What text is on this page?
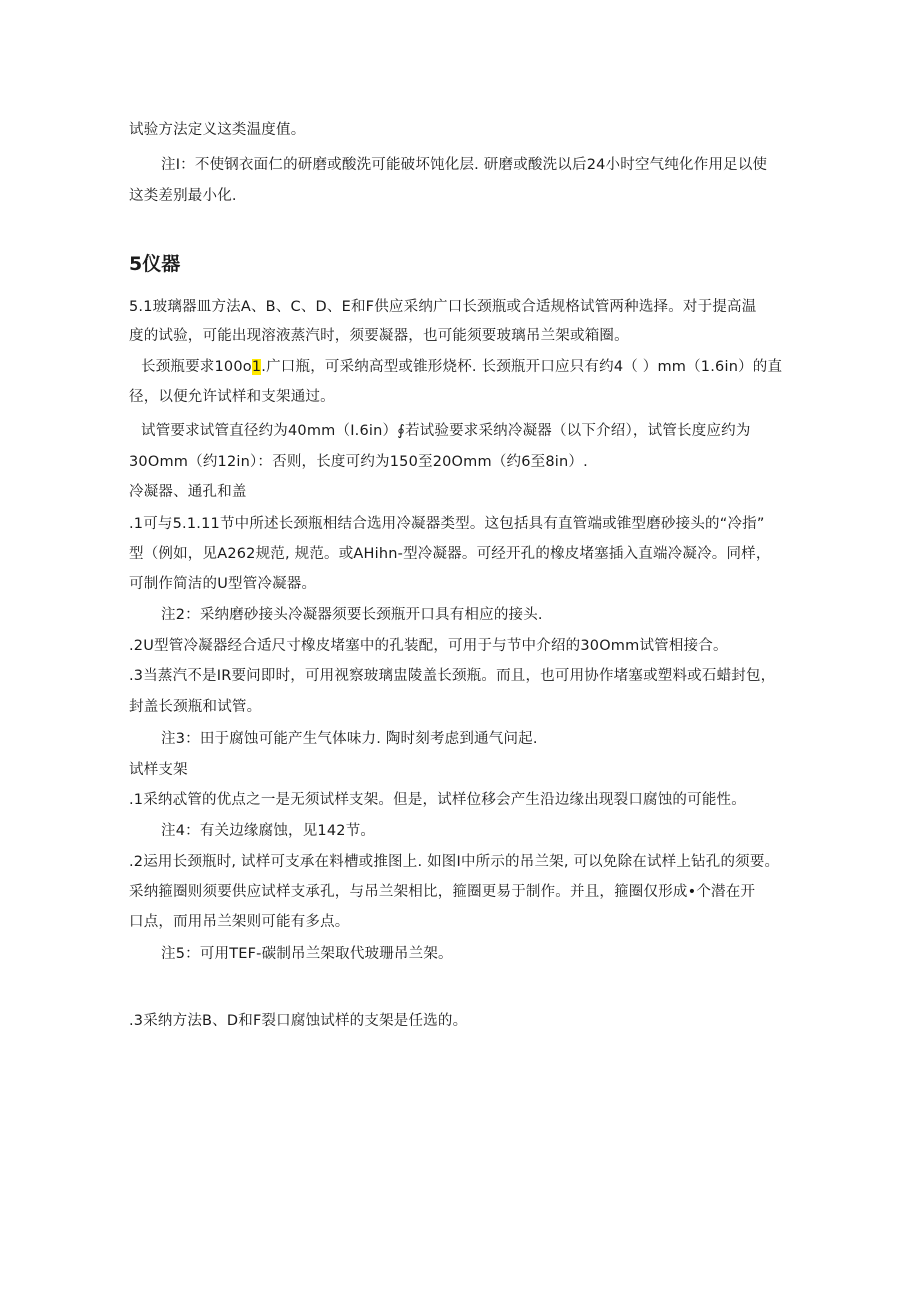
试验方法定义这类温度值。
注I：不使钢衣面仁的研磨或酸洗可能破坏饨化层. 研磨或酸洗以后24小时空气纯化作用足以使
这类差别最小化.
5仪器
5.1玻璃器皿方法A、B、C、D、E和F供应采纳广口长颈瓶或合适规格试管两种选择。对于提高温
度的试验，可能出现溶液蒸汽时，须要凝器，也可能须要玻璃吊兰架或箱圈。
长颈瓶要求100o1.广口瓶，可采纳高型或锥形烧杯. 长颈瓶开口应只有约4（ ）mm（1.6in）的直
径，以便允许试样和支架通过。
试管要求试管直径约为40mm（I.6in）∮若试验要求采纳冷凝器（以下介绍），试管长度应约为
30Omm（约12in）：否则，长度可约为150至20Omm（约6至8in）.
冷凝器、通孔和盖
.1可与5.1.11节中所述长颈瓶相结合选用冷凝器类型。这包括具有直管端或锥型磨砂接头的“冷指”
型（例如，见A262规范, 规范。或AHihn-型冷凝器。可经开孔的橡皮堵塞插入直端冷凝冷。同样，
可制作简洁的U型管冷凝器。
注2：采纳磨砂接头冷凝器须要长颈瓶开口具有相应的接头.
.2U型管冷凝器经合适尺寸橡皮堵塞中的孔装配，可用于与节中介绍的30Omm试管相接合。
.3当蒸汽不是IR要问即时，可用视察玻璃盅陵盖长颈瓶。而且，也可用协作堵塞或塑料或石蜡封包，
封盖长颈瓶和试管。
注3：田于腐蚀可能产生气体味力. 陶时刻考虑到通气问起.
试样支架
.1采纳忒管的优点之一是无须试样支架。但是，试样位移会产生沿边缘出现裂口腐蚀的可能性。
注4：有关边缘腐蚀，见142节。
.2运用长颈瓶时, 试样可支承在料槽或推图上. 如图I中所示的吊兰架, 可以免除在试样上钻孔的须要。
采纳箍圈则须要供应试样支承孔，与吊兰架相比，箍圈更易于制作。并且，箍圈仅形成•个潜在开
口点，而用吊兰架则可能有多点。
注5：可用TEF-碳制吊兰架取代玻珊吊兰架。
.3采纳方法B、D和F裂口腐蚀试样的支架是任选的。
